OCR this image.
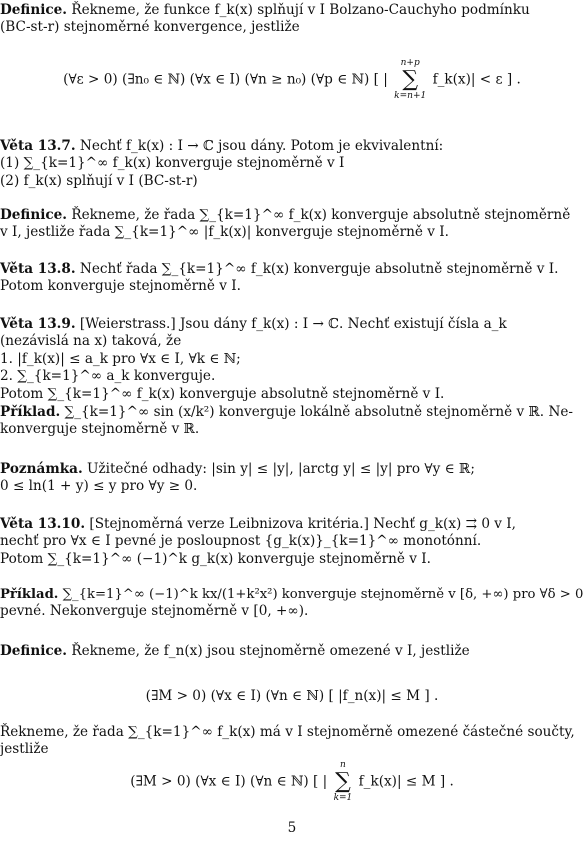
Definice. Řekneme, že funkce f_k(x) splňují v I Bolzano-Cauchyho podmínku
(BC-st-r) stejnoměrné konvergence, jestliže
(∀ε > 0) (∃n₀ ∈ ℕ) (∀x ∈ I) (∀n ≥ n₀) (∀p ∈ ℕ) [ |
n+p
∑
k=n+1
f_k(x)| < ε ] .
Věta 13.7. Nechť f_k(x) : I → ℂ jsou dány. Potom je ekvivalentní:
(1) ∑_{k=1}^∞ f_k(x) konverguje stejnoměrně v I
(2) f_k(x) splňují v I (BC-st-r)
Definice. Řekneme, že řada ∑_{k=1}^∞ f_k(x) konverguje absolutně stejnoměrně
v I, jestliže řada ∑_{k=1}^∞ |f_k(x)| konverguje stejnoměrně v I.
Věta 13.8. Nechť řada ∑_{k=1}^∞ f_k(x) konverguje absolutně stejnoměrně v I.
Potom konverguje stejnoměrně v I.
Věta 13.9. [Weierstrass.] Jsou dány f_k(x) : I → ℂ. Nechť existují čísla a_k
(nezávislá na x) taková, že
1. |f_k(x)| ≤ a_k pro ∀x ∈ I, ∀k ∈ ℕ;
2. ∑_{k=1}^∞ a_k konverguje.
Potom ∑_{k=1}^∞ f_k(x) konverguje absolutně stejnoměrně v I.
Příklad. ∑_{k=1}^∞ sin (x/k²) konverguje lokálně absolutně stejnoměrně v ℝ. Ne-
konverguje stejnoměrně v ℝ.
Poznámka. Užitečné odhady: |sin y| ≤ |y|, |arctg y| ≤ |y| pro ∀y ∈ ℝ;
0 ≤ ln(1 + y) ≤ y pro ∀y ≥ 0.
Věta 13.10. [Stejnoměrná verze Leibnizova kritéria.] Nechť g_k(x) ⇉ 0 v I,
nechť pro ∀x ∈ I pevné je posloupnost {g_k(x)}_{k=1}^∞ monotónní.
Potom ∑_{k=1}^∞ (−1)^k g_k(x) konverguje stejnoměrně v I.
Příklad. ∑_{k=1}^∞ (−1)^k kx/(1+k²x²) konverguje stejnoměrně v [δ, +∞) pro ∀δ > 0
pevné. Nekonverguje stejnoměrně v [0, +∞).
Definice. Řekneme, že f_n(x) jsou stejnoměrně omezené v I, jestliže
(∃M > 0) (∀x ∈ I) (∀n ∈ ℕ) [ |f_n(x)| ≤ M ] .
Řekneme, že řada ∑_{k=1}^∞ f_k(x) má v I stejnoměrně omezené částečné součty,
jestliže
(∃M > 0) (∀x ∈ I) (∀n ∈ ℕ) [ |
n
∑
k=1
f_k(x)| ≤ M ] .
5
